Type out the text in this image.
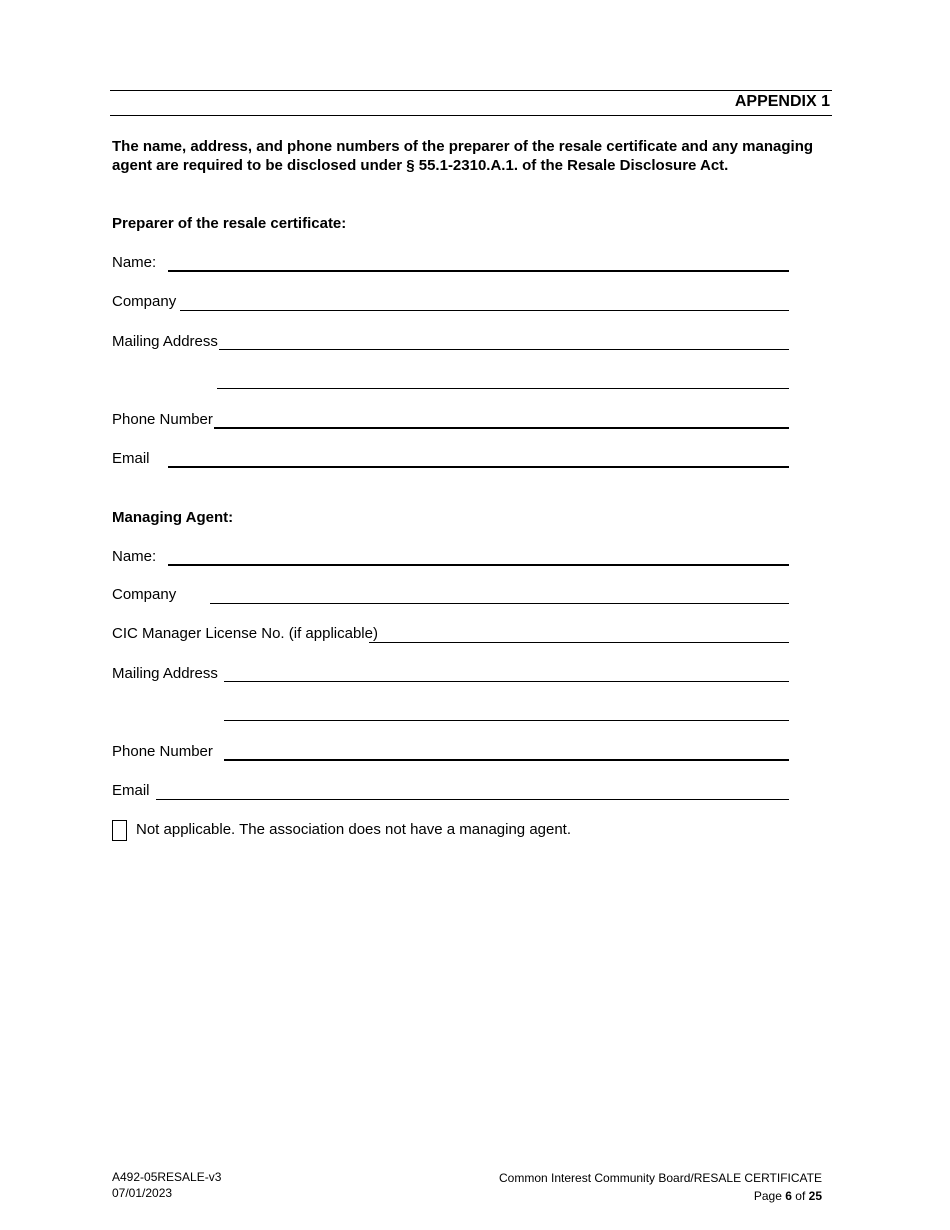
APPENDIX 1
The name, address, and phone numbers of the preparer of the resale certificate and any managing agent are required to be disclosed under § 55.1-2310.A.1. of the Resale Disclosure Act.
Preparer of the resale certificate:
Name:
Company
Mailing Address
Phone Number
Email
Managing Agent:
Name:
Company
CIC Manager License No. (if applicable)
Mailing Address
Phone Number
Email
Not applicable. The association does not have a managing agent.
A492-05RESALE-v3
07/01/2023
Common Interest Community Board/RESALE CERTIFICATE
Page 6 of 25
